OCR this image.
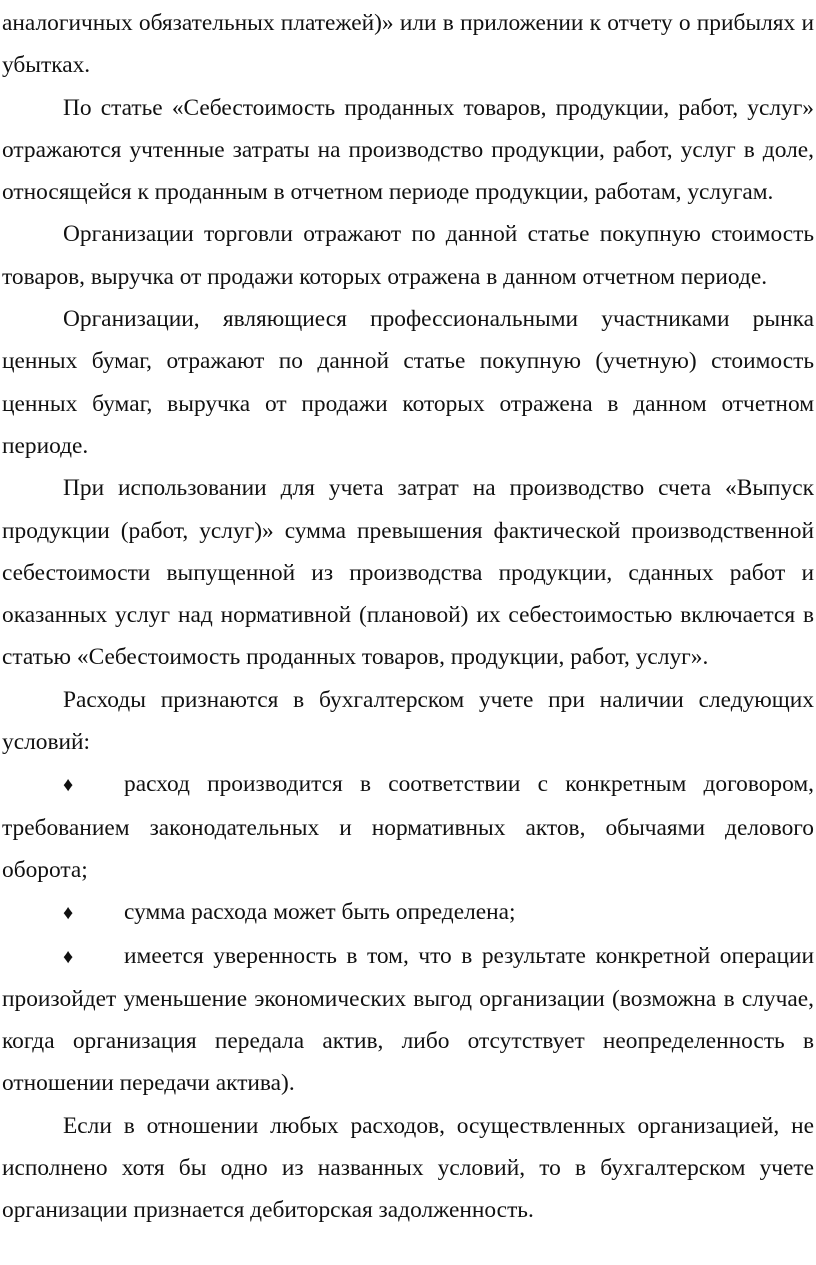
аналогичных обязательных платежей)» или в приложении к отчету о прибылях и убытках.

По статье «Себестоимость проданных товаров, продукции, работ, услуг» отражаются учтенные затраты на производство продукции, работ, услуг в доле, относящейся к проданным в отчетном периоде продукции, работам, услугам.

Организации торговли отражают по данной статье покупную стоимость товаров, выручка от продажи которых отражена в данном отчетном периоде.

Организации, являющиеся профессиональными участниками рынка ценных бумаг, отражают по данной статье покупную (учетную) стоимость ценных бумаг, выручка от продажи которых отражена в данном отчетном периоде.

При использовании для учета затрат на производство счета «Выпуск продукции (работ, услуг)» сумма превышения фактической производственной себестоимости выпущенной из производства продукции, сданных работ и оказанных услуг над нормативной (плановой) их себестоимостью включается в статью «Себестоимость проданных товаров, продукции, работ, услуг».

Расходы признаются в бухгалтерском учете при наличии следующих условий:

♦ расход производится в соответствии с конкретным договором, требованием законодательных и нормативных актов, обычаями делового оборота;

♦ сумма расхода может быть определена;

♦ имеется уверенность в том, что в результате конкретной операции произойдет уменьшение экономических выгод организации (возможна в случае, когда организация передала актив, либо отсутствует неопределенность в отношении передачи актива).

Если в отношении любых расходов, осуществленных организацией, не исполнено хотя бы одно из названных условий, то в бухгалтерском учете организации признается дебиторская задолженность.
